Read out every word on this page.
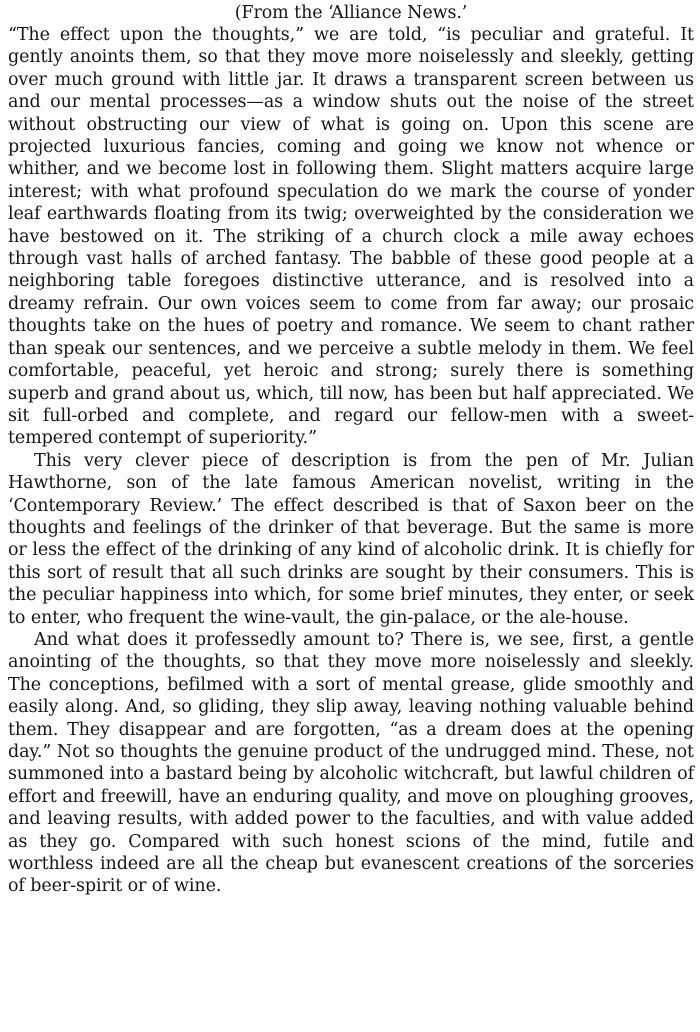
(From the ‘Alliance News.’

“The effect upon the thoughts,” we are told, “is peculiar and grateful. It gently anoints them, so that they move more noiselessly and sleekly, getting over much ground with little jar. It draws a transparent screen between us and our mental processes—as a window shuts out the noise of the street without obstructing our view of what is going on. Upon this scene are projected luxurious fancies, coming and going we know not whence or whither, and we become lost in following them. Slight matters acquire large interest; with what profound speculation do we mark the course of yonder leaf earthwards floating from its twig; overweighted by the consideration we have bestowed on it. The striking of a church clock a mile away echoes through vast halls of arched fantasy. The babble of these good people at a neighboring table foregoes distinctive utterance, and is resolved into a dreamy refrain. Our own voices seem to come from far away; our prosaic thoughts take on the hues of poetry and romance. We seem to chant rather than speak our sentences, and we perceive a subtle melody in them. We feel comfortable, peaceful, yet heroic and strong; surely there is something superb and grand about us, which, till now, has been but half appreciated. We sit full-orbed and complete, and regard our fellow-men with a sweet-tempered contempt of superiority.”

This very clever piece of description is from the pen of Mr. Julian Hawthorne, son of the late famous American novelist, writing in the ‘Contemporary Review.’ The effect described is that of Saxon beer on the thoughts and feelings of the drinker of that beverage. But the same is more or less the effect of the drinking of any kind of alcoholic drink. It is chiefly for this sort of result that all such drinks are sought by their consumers. This is the peculiar happiness into which, for some brief minutes, they enter, or seek to enter, who frequent the wine-vault, the gin-palace, or the ale-house.

And what does it professedly amount to? There is, we see, first, a gentle anointing of the thoughts, so that they move more noiselessly and sleekly. The conceptions, befilmed with a sort of mental grease, glide smoothly and easily along. And, so gliding, they slip away, leaving nothing valuable behind them. They disappear and are forgotten, “as a dream does at the opening day.” Not so thoughts the genuine product of the undrugged mind. These, not summoned into a bastard being by alcoholic witchcraft, but lawful children of effort and freewill, have an enduring quality, and move on ploughing grooves, and leaving results, with added power to the faculties, and with value added as they go. Compared with such honest scions of the mind, futile and worthless indeed are all the cheap but evanescent creations of the sorceries of beer-spirit or of wine.
